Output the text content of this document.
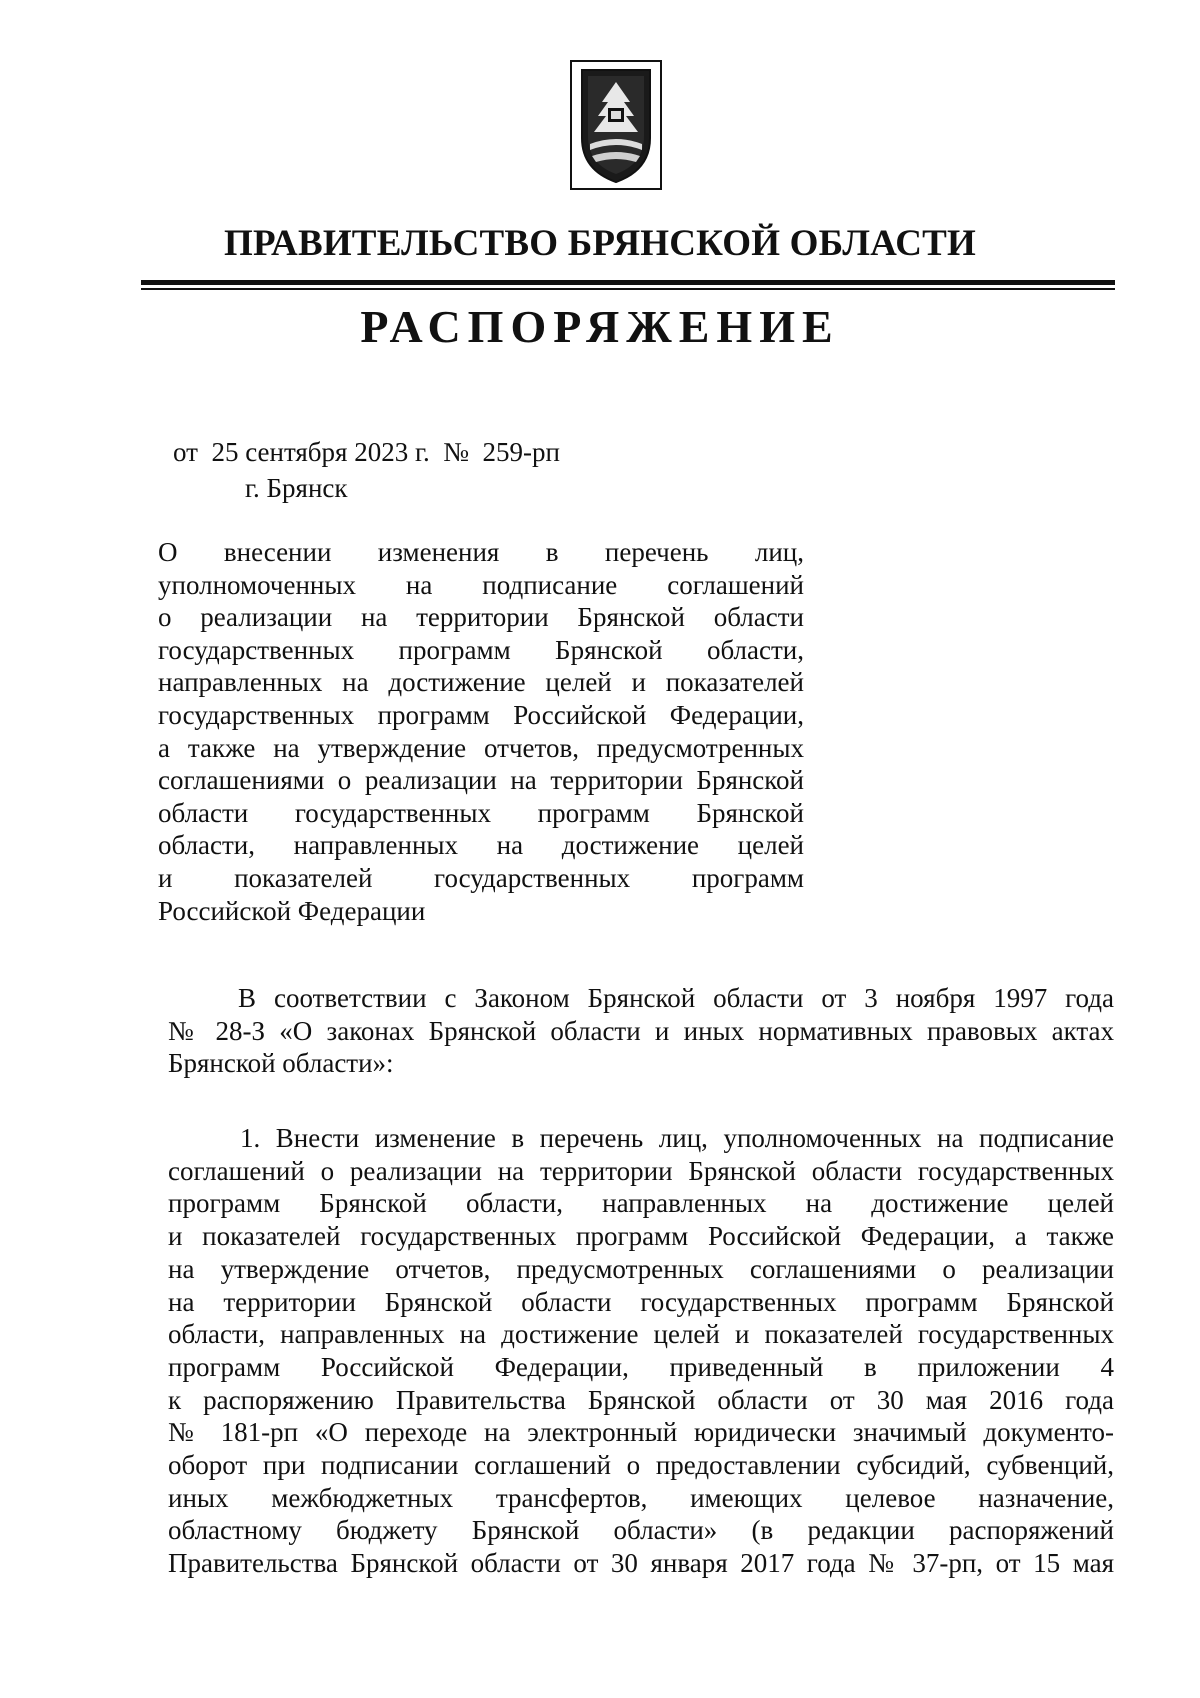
ПРАВИТЕЛЬСТВО БРЯНСКОЙ ОБЛАСТИ
РАСПОРЯЖЕНИЕ
от  25 сентября 2023 г.  №  259-рп
г. Брянск
О внесении изменения в перечень лиц,
уполномоченных на подписание соглашений
о реализации на территории Брянской области
государственных программ Брянской области,
направленных на достижение целей и показателей
государственных программ Российской Федерации,
а также на утверждение отчетов, предусмотренных
соглашениями о реализации на территории Брянской
области государственных программ Брянской
области, направленных на достижение целей
и показателей государственных программ
Российской Федерации
В соответствии с Законом Брянской области от 3 ноября 1997 года
№ 28-З «О законах Брянской области и иных нормативных правовых актах
Брянской области»:
1. Внести изменение в перечень лиц, уполномоченных на подписание
соглашений о реализации на территории Брянской области государственных
программ Брянской области, направленных на достижение целей
и показателей государственных программ Российской Федерации, а также
на утверждение отчетов, предусмотренных соглашениями о реализации
на территории Брянской области государственных программ Брянской
области, направленных на достижение целей и показателей государственных
программ Российской Федерации, приведенный в приложении 4
к распоряжению Правительства Брянской области от 30 мая 2016 года
№ 181-рп «О переходе на электронный юридически значимый документо-
оборот при подписании соглашений о предоставлении субсидий, субвенций,
иных межбюджетных трансфертов, имеющих целевое назначение,
областному бюджету Брянской области» (в редакции распоряжений
Правительства Брянской области от 30 января 2017 года № 37-рп, от 15 мая
